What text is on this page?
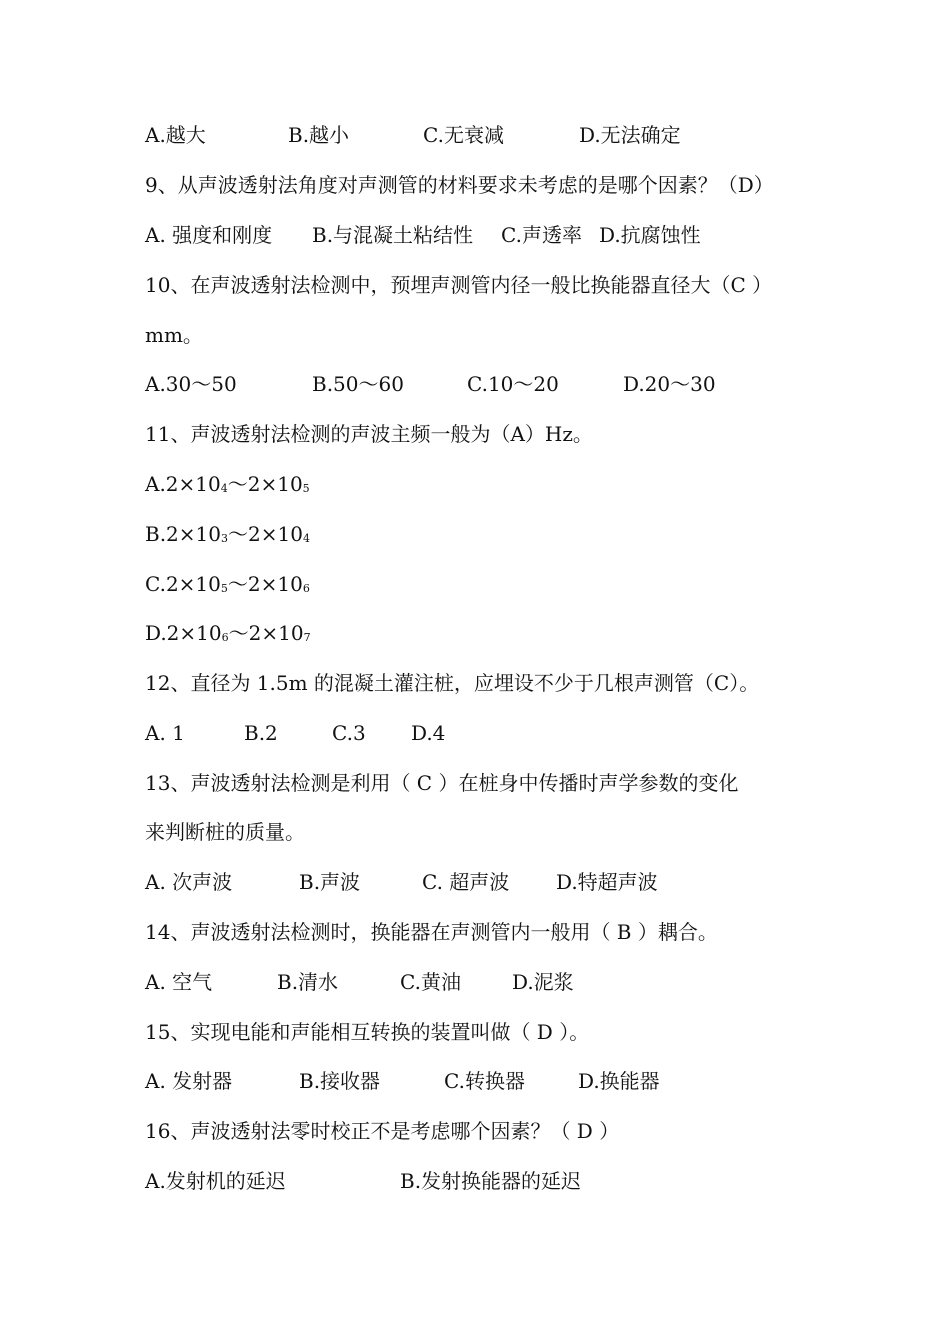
A.越大	B.越小	C.无衰减	D.无法确定
9、从声波透射法角度对声测管的材料要求未考虑的是哪个因素？（D）
A. 强度和刚度 B.与混凝土粘结性 C.声透率 D.抗腐蚀性
10、在声波透射法检测中，预埋声测管内径一般比换能器直径大（C ）
mm。
A.30～50	B.50～60	C.10～20	D.20～30
11、声波透射法检测的声波主频一般为（A）Hz。
$A.2\times 10_4\sim 2\times 10_5$
$B.2\times 10_3\sim 2\times 10_4$
$C.2\times 10_5\sim 2\times 10_6$
$D.2\times 10_6\sim 2\times 10_7$
12、直径为 1.5m 的混凝土灌注桩，应埋设不少于几根声测管（C）。
A. 1	B.2	C.3 D.4
13、声波透射法检测是利用（ C ）在桩身中传播时声学参数的变化
来判断桩的质量。
A. 次声波	B.声波	C. 超声波 D.特超声波
14、声波透射法检测时，换能器在声测管内一般用（ B ）耦合。
A. 空气	B.清水	C.黄油	D.泥浆
15、实现电能和声能相互转换的装置叫做（ D ）。
A. 发射器	B.接收器	C.转换器	D.换能器
16、声波透射法零时校正不是考虑哪个因素？（ D ）
A.发射机的延迟	B.发射换能器的延迟
